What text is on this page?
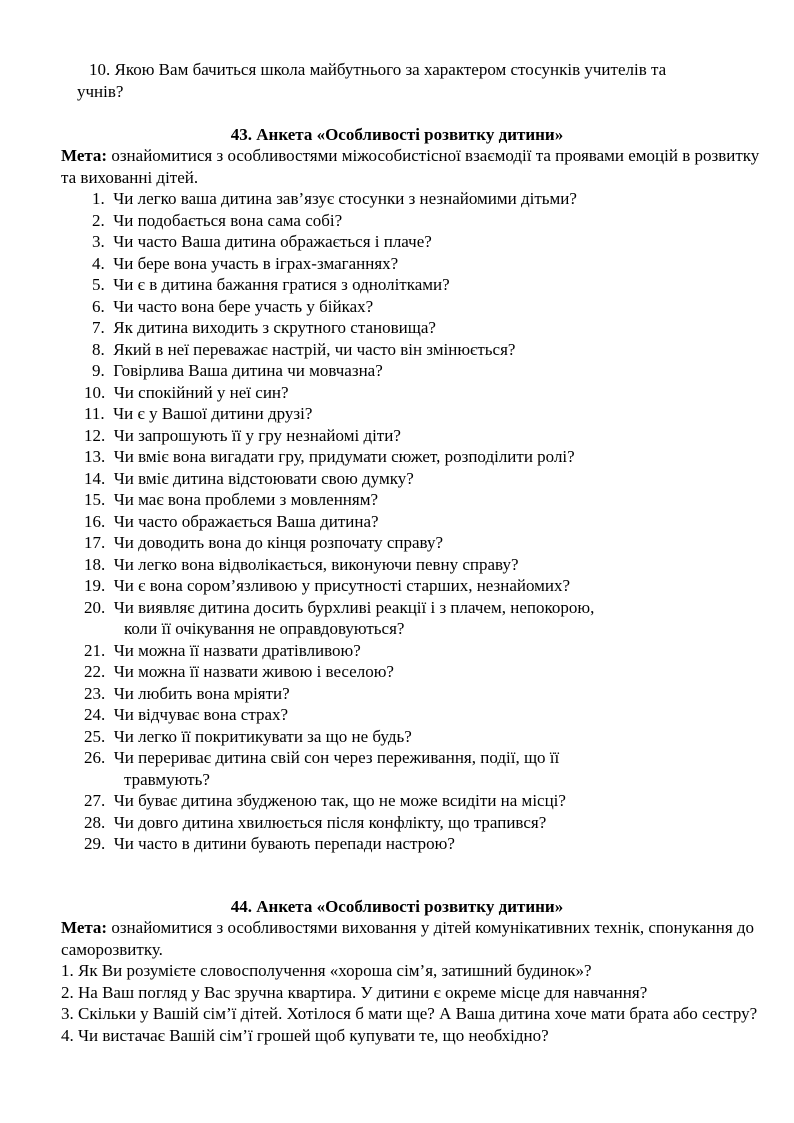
10. Якою Вам бачиться школа майбутнього за характером стосунків учителів та
учнів?
43. Анкета «Особливості розвитку дитини»
Мета: ознайомитися з особливостями міжособистісної взаємодії та проявами емоцій в розвитку та вихованні дітей.
1. Чи легко ваша дитина зав’язує стосунки з незнайомими дітьми?
2. Чи подобається вона сама собі?
3. Чи часто Ваша дитина ображається і плаче?
4. Чи бере вона участь в іграх-змаганнях?
5. Чи є в дитина бажання гратися з однолітками?
6. Чи часто вона бере участь у бійках?
7. Як дитина виходить з скрутного становища?
8. Який в неї переважає настрій, чи часто він змінюється?
9. Говірлива Ваша дитина чи мовчазна?
10. Чи спокійний у неї син?
11. Чи є у Вашої дитини друзі?
12. Чи запрошують її у гру незнайомі діти?
13. Чи вміє вона вигадати гру, придумати сюжет, розподілити ролі?
14. Чи вміє дитина відстоювати свою думку?
15. Чи має вона проблеми з мовленням?
16. Чи часто ображається Ваша дитина?
17. Чи доводить вона до кінця розпочату справу?
18. Чи легко вона відволікається, виконуючи певну справу?
19. Чи є вона сором’язливою у присутності старших, незнайомих?
20. Чи виявляє дитина досить бурхливі реакції і з плачем, непокорою,
коли її очікування не оправдовуються?
21. Чи можна її назвати дратівливою?
22. Чи можна її назвати живою і веселою?
23. Чи любить вона мріяти?
24. Чи відчуває вона страх?
25. Чи легко її покритикувати за що не будь?
26. Чи перериває дитина свій сон через переживання, події, що її
травмують?
27. Чи буває дитина збудженою так, що не може всидіти на місці?
28. Чи довго дитина хвилюється після конфлікту, що трапився?
29. Чи часто в дитини бувають перепади настрою?
44. Анкета «Особливості розвитку дитини»
Мета: ознайомитися з особливостями виховання у дітей комунікативних технік, спонукання до саморозвитку.
1. Як Ви розумієте словосполучення «хороша сім’я, затишний будинок»?
2. На Ваш погляд у Вас зручна квартира. У дитини є окреме місце для навчання?
3. Скільки у Вашій сім’ї дітей. Хотілося б мати ще? А Ваша дитина хоче мати брата або сестру?
4. Чи вистачає Вашій сім’ї грошей щоб купувати те, що необхідно?
